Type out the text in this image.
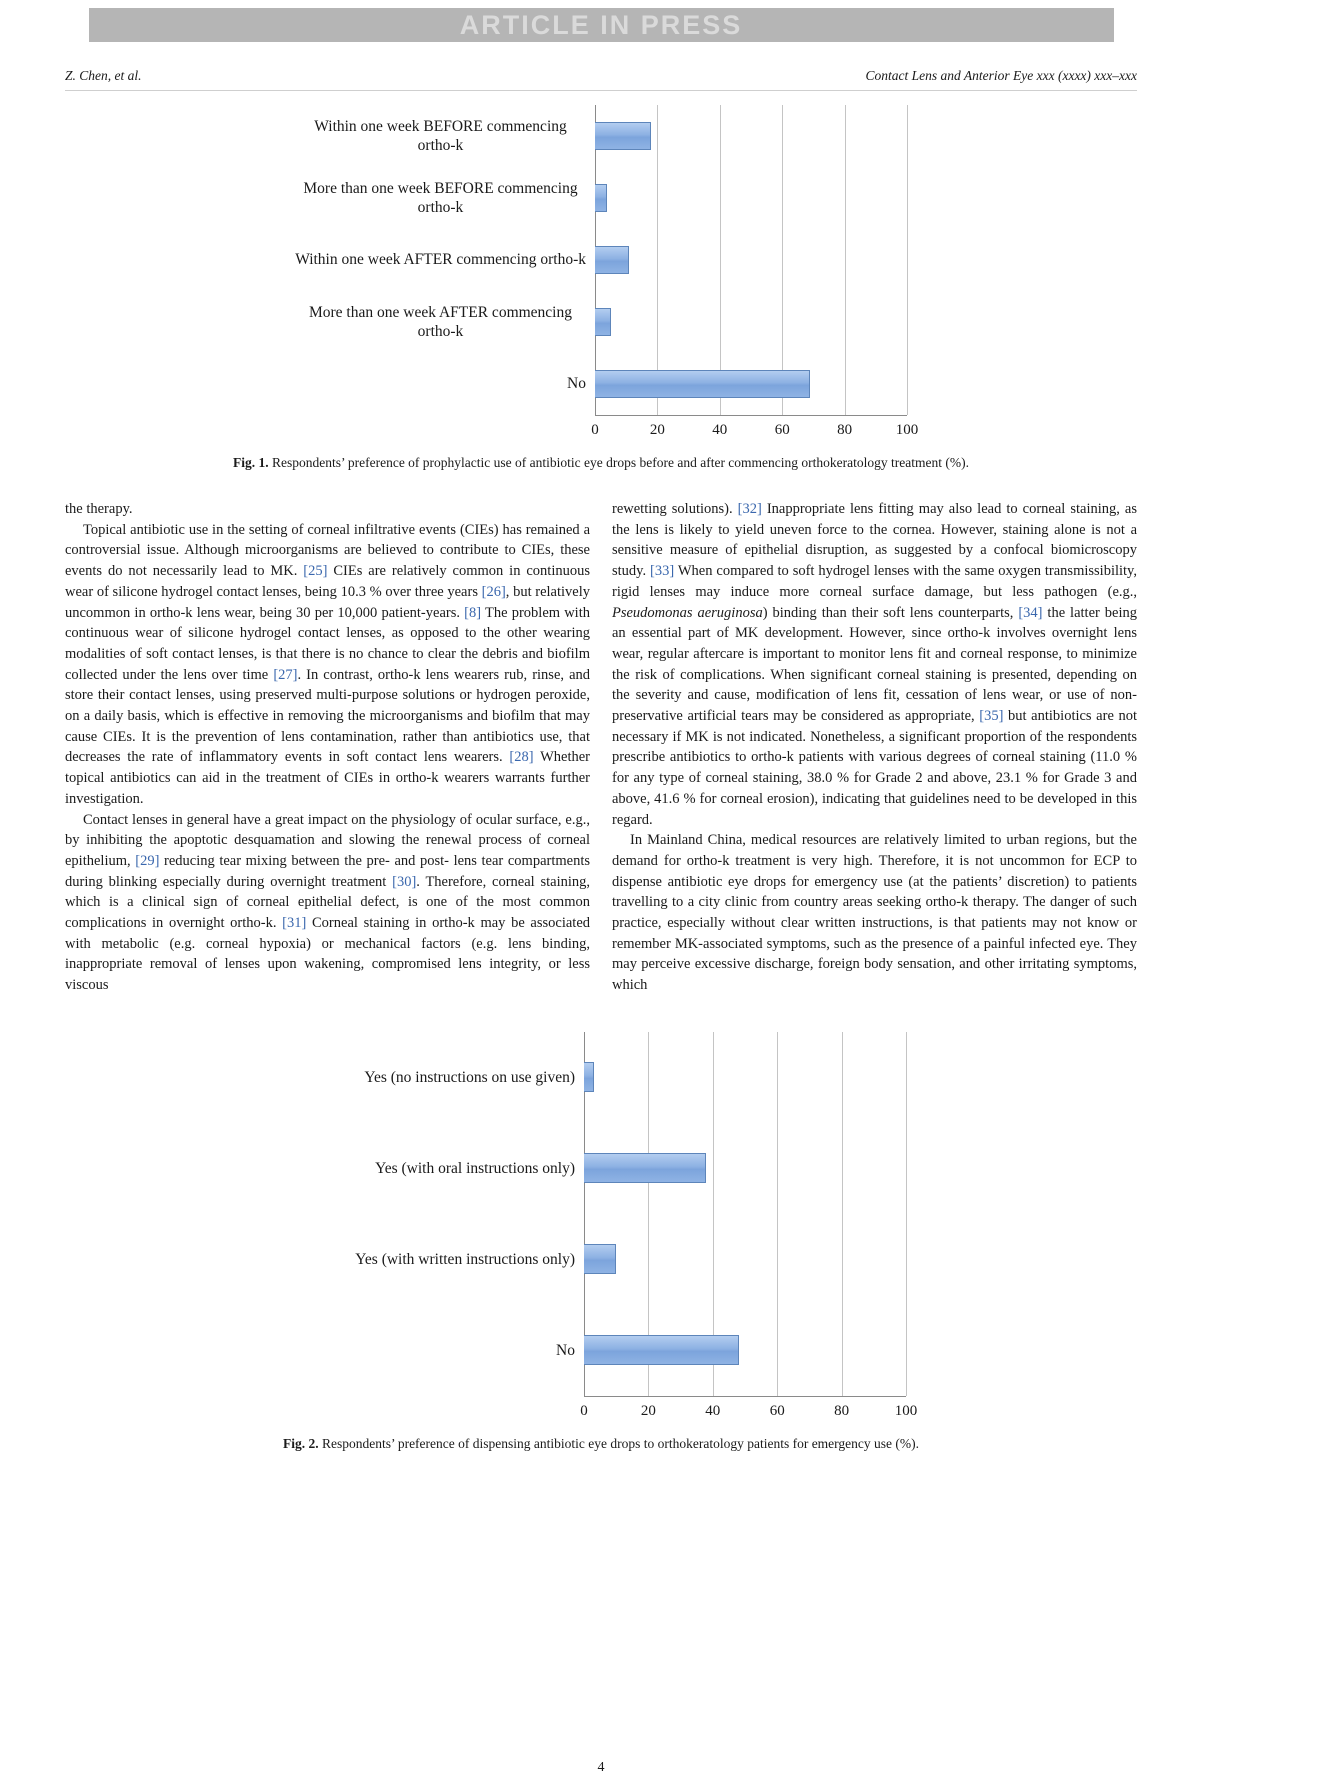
ARTICLE IN PRESS
Z. Chen, et al.	Contact Lens and Anterior Eye xxx (xxxx) xxx–xxx
Within one week BEFORE commencing ortho-k
More than one week BEFORE commencing ortho-k
Within one week AFTER commencing ortho-k
More than one week AFTER commencing ortho-k
No
0	20	40	60	80	100
Fig. 1. Respondents’ preference of prophylactic use of antibiotic eye drops before and after commencing orthokeratology treatment (%).

the therapy.

Topical antibiotic use in the setting of corneal infiltrative events (CIEs) has remained a controversial issue. Although microorganisms are believed to contribute to CIEs, these events do not necessarily lead to MK. [25] CIEs are relatively common in continuous wear of silicone hydrogel contact lenses, being 10.3 % over three years [26], but relatively uncommon in ortho-k lens wear, being 30 per 10,000 patient-years. [8] The problem with continuous wear of silicone hydrogel contact lenses, as opposed to the other wearing modalities of soft contact lenses, is that there is no chance to clear the debris and biofilm collected under the lens over time [27]. In contrast, ortho-k lens wearers rub, rinse, and store their contact lenses, using preserved multi-purpose solutions or hydrogen peroxide, on a daily basis, which is effective in removing the microorganisms and biofilm that may cause CIEs. It is the prevention of lens contamination, rather than antibiotics use, that decreases the rate of inflammatory events in soft contact lens wearers. [28] Whether topical antibiotics can aid in the treatment of CIEs in ortho-k wearers warrants further investigation.

Contact lenses in general have a great impact on the physiology of ocular surface, e.g., by inhibiting the apoptotic desquamation and slowing the renewal process of corneal epithelium, [29] reducing tear mixing between the pre- and post- lens tear compartments during blinking especially during overnight treatment [30]. Therefore, corneal staining, which is a clinical sign of corneal epithelial defect, is one of the most common complications in overnight ortho-k. [31] Corneal staining in ortho-k may be associated with metabolic (e.g. corneal hypoxia) or mechanical factors (e.g. lens binding, inappropriate removal of lenses upon wakening, compromised lens integrity, or less viscous

rewetting solutions). [32] Inappropriate lens fitting may also lead to corneal staining, as the lens is likely to yield uneven force to the cornea. However, staining alone is not a sensitive measure of epithelial disruption, as suggested by a confocal biomicroscopy study. [33] When compared to soft hydrogel lenses with the same oxygen transmissibility, rigid lenses may induce more corneal surface damage, but less pathogen (e.g., Pseudomonas aeruginosa) binding than their soft lens counterparts, [34] the latter being an essential part of MK development. However, since ortho-k involves overnight lens wear, regular aftercare is important to monitor lens fit and corneal response, to minimize the risk of complications. When significant corneal staining is presented, depending on the severity and cause, modification of lens fit, cessation of lens wear, or use of non-preservative artificial tears may be considered as appropriate, [35] but antibiotics are not necessary if MK is not indicated. Nonetheless, a significant proportion of the respondents prescribe antibiotics to ortho-k patients with various degrees of corneal staining (11.0 % for any type of corneal staining, 38.0 % for Grade 2 and above, 23.1 % for Grade 3 and above, 41.6 % for corneal erosion), indicating that guidelines need to be developed in this regard.

In Mainland China, medical resources are relatively limited to urban regions, but the demand for ortho-k treatment is very high. Therefore, it is not uncommon for ECP to dispense antibiotic eye drops for emergency use (at the patients’ discretion) to patients travelling to a city clinic from country areas seeking ortho-k therapy. The danger of such practice, especially without clear written instructions, is that patients may not know or remember MK-associated symptoms, such as the presence of a painful infected eye. They may perceive excessive discharge, foreign body sensation, and other irritating symptoms, which

Yes (no instructions on use given)
Yes (with oral instructions only)
Yes (with written instructions only)
No
0	20	40	60	80	100
Fig. 2. Respondents’ preference of dispensing antibiotic eye drops to orthokeratology patients for emergency use (%).
4
